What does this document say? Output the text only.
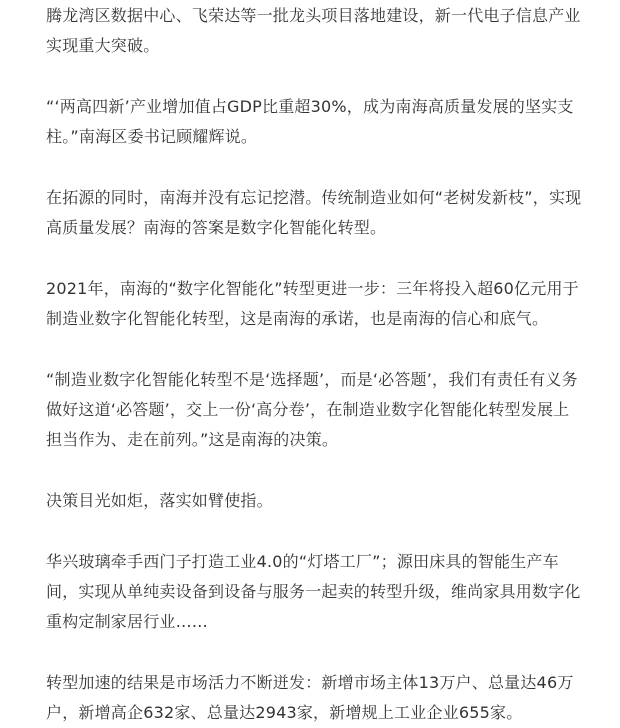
腾龙湾区数据中心、飞荣达等一批龙头项目落地建设，新一代电子信息产业实现重大突破。

“‘两高四新’产业增加值占GDP比重超30%，成为南海高质量发展的坚实支柱。”南海区委书记顾耀辉说。

在拓源的同时，南海并没有忘记挖潜。传统制造业如何“老树发新枝”，实现高质量发展？南海的答案是数字化智能化转型。

2021年，南海的“数字化智能化”转型更进一步：三年将投入超60亿元用于制造业数字化智能化转型，这是南海的承诺，也是南海的信心和底气。

“制造业数字化智能化转型不是‘选择题’，而是‘必答题’，我们有责任有义务做好这道‘必答题’，交上一份‘高分卷’，在制造业数字化智能化转型发展上担当作为、走在前列。”这是南海的决策。

决策目光如炬，落实如臂使指。

华兴玻璃牵手西门子打造工业4.0的“灯塔工厂”；源田床具的智能生产车间，实现从单纯卖设备到设备与服务一起卖的转型升级，维尚家具用数字化重构定制家居行业……

转型加速的结果是市场活力不断迸发：新增市场主体13万户、总量达46万户，新增高企632家、总量达2943家，新增规上工业企业655家。
